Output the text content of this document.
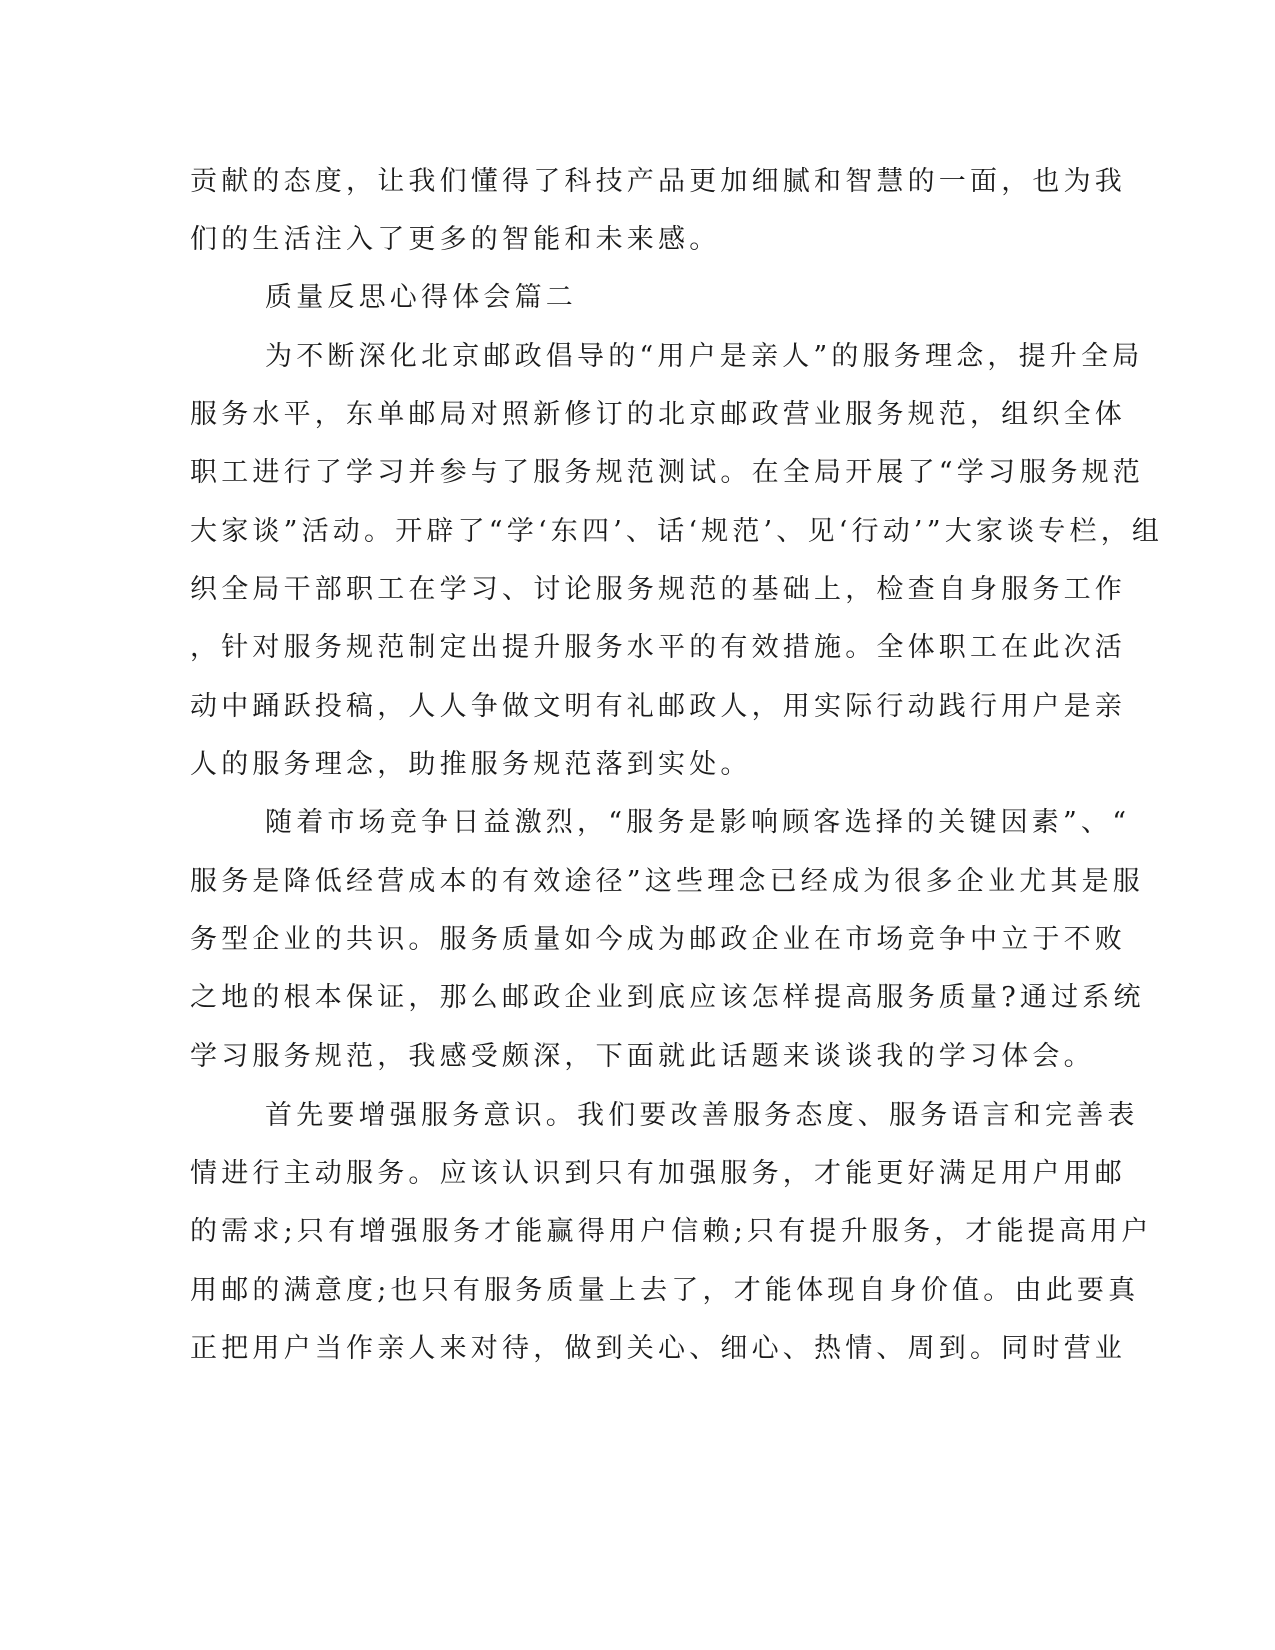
贡献的态度，让我们懂得了科技产品更加细腻和智慧的一面，也为我
们的生活注入了更多的智能和未来感。
质量反思心得体会篇二
为不断深化北京邮政倡导的“用户是亲人”的服务理念，提升全局
服务水平，东单邮局对照新修订的北京邮政营业服务规范，组织全体
职工进行了学习并参与了服务规范测试。在全局开展了“学习服务规范
大家谈”活动。开辟了“学‘东四’、话‘规范’、见‘行动’”大家谈专栏，组
织全局干部职工在学习、讨论服务规范的基础上，检查自身服务工作
，针对服务规范制定出提升服务水平的有效措施。全体职工在此次活
动中踊跃投稿，人人争做文明有礼邮政人，用实际行动践行用户是亲
人的服务理念，助推服务规范落到实处。
随着市场竞争日益激烈，“服务是影响顾客选择的关键因素”、“
服务是降低经营成本的有效途径”这些理念已经成为很多企业尤其是服
务型企业的共识。服务质量如今成为邮政企业在市场竞争中立于不败
之地的根本保证，那么邮政企业到底应该怎样提高服务质量?通过系统
学习服务规范，我感受颇深，下面就此话题来谈谈我的学习体会。
首先要增强服务意识。我们要改善服务态度、服务语言和完善表
情进行主动服务。应该认识到只有加强服务，才能更好满足用户用邮
的需求;只有增强服务才能赢得用户信赖;只有提升服务，才能提高用户
用邮的满意度;也只有服务质量上去了，才能体现自身价值。由此要真
正把用户当作亲人来对待，做到关心、细心、热情、周到。同时营业
